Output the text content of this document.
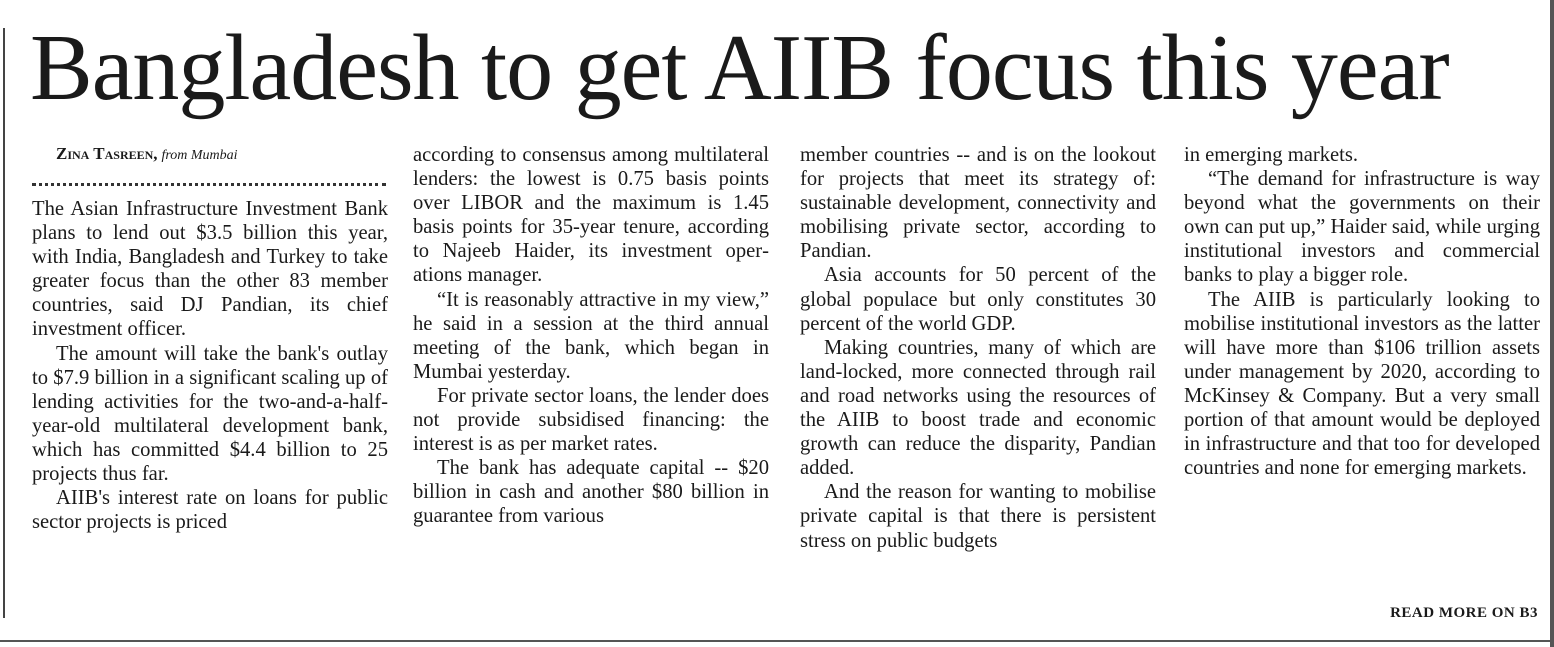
Bangladesh to get AIIB focus this year

Zina Tasreen, from Mumbai

The Asian Infrastructure Investment Bank plans to lend out $3.5 billion this year, with India, Bangladesh and Turkey to take greater focus than the other 83 member countries, said DJ Pandian, its chief investment officer.

The amount will take the bank's outlay to $7.9 billion in a significant scaling up of lending activities for the two-and-a-half-year-old multilateral development bank, which has committed $4.4 billion to 25 projects thus far.

AIIB's interest rate on loans for public sector projects is priced

according to consensus among multilateral lenders: the lowest is 0.75 basis points over LIBOR and the maximum is 1.45 basis points for 35-year tenure, according to Najeeb Haider, its investment operations manager.

“It is reasonably attractive in my view,” he said in a session at the third annual meeting of the bank, which began in Mumbai yesterday.

For private sector loans, the lender does not provide subsidised financing: the interest is as per market rates.

The bank has adequate capital -- $20 billion in cash and another $80 billion in guarantee from various

member countries -- and is on the lookout for projects that meet its strategy of: sustainable development, connectivity and mobilising private sector, according to Pandian.

Asia accounts for 50 percent of the global populace but only constitutes 30 percent of the world GDP.

Making countries, many of which are land-locked, more connected through rail and road networks using the resources of the AIIB to boost trade and economic growth can reduce the disparity, Pandian added.

And the reason for wanting to mobilise private capital is that there is persistent stress on public budgets

in emerging markets.

“The demand for infrastructure is way beyond what the governments on their own can put up,” Haider said, while urging institutional investors and commercial banks to play a bigger role.

The AIIB is particularly looking to mobilise institutional investors as the latter will have more than $106 trillion assets under management by 2020, according to McKinsey & Company. But a very small portion of that amount would be deployed in infrastructure and that too for developed countries and none for emerging markets.

READ MORE ON B3
